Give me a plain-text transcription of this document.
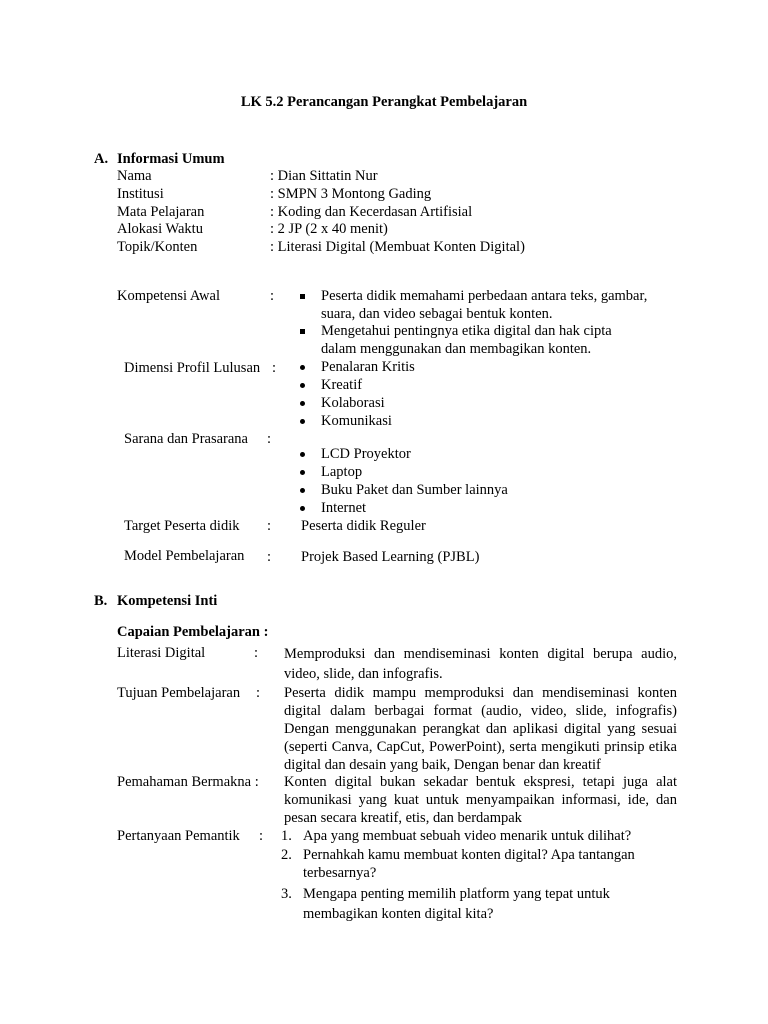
LK 5.2 Perancangan Perangkat Pembelajaran
A. Informasi Umum
Nama	: Dian Sittatin Nur
Institusi	: SMPN 3 Montong Gading
Mata Pelajaran	: Koding dan Kecerdasan Artifisial
Alokasi Waktu	: 2 JP (2 x 40 menit)
Topik/Konten	: Literasi Digital (Membuat Konten Digital)
Kompetensi Awal	:	Peserta didik memahami perbedaan antara teks, gambar,
suara, dan video sebagai bentuk konten.
Mengetahui pentingnya etika digital dan hak cipta
dalam menggunakan dan membagikan konten.
Dimensi Profil Lulusan :	Penalaran Kritis
Kreatif
Kolaborasi
Komunikasi
Sarana dan Prasarana :
LCD Proyektor
Laptop
Buku Paket dan Sumber lainnya
Internet
Target Peserta didik : Peserta didik Reguler
Model Pembelajaran : Projek Based Learning (PJBL)
B. Kompetensi Inti
Capaian Pembelajaran :
Literasi Digital	: Memproduksi dan mendiseminasi konten digital berupa audio, video, slide, dan infografis.
Tujuan Pembelajaran : Peserta didik mampu memproduksi dan mendiseminasi konten digital dalam berbagai format (audio, video, slide, infografis) Dengan menggunakan perangkat dan aplikasi digital yang sesuai (seperti Canva, CapCut, PowerPoint), serta mengikuti prinsip etika digital dan desain yang baik, Dengan benar dan kreatif
Pemahaman Bermakna : Konten digital bukan sekadar bentuk ekspresi, tetapi juga alat komunikasi yang kuat untuk menyampaikan informasi, ide, dan pesan secara kreatif, etis, dan berdampak
Pertanyaan Pemantik : 1. Apa yang membuat sebuah video menarik untuk dilihat?
2. Pernahkah kamu membuat konten digital? Apa tantangan
terbesarnya?
3. Mengapa penting memilih platform yang tepat untuk
membagikan konten digital kita?
